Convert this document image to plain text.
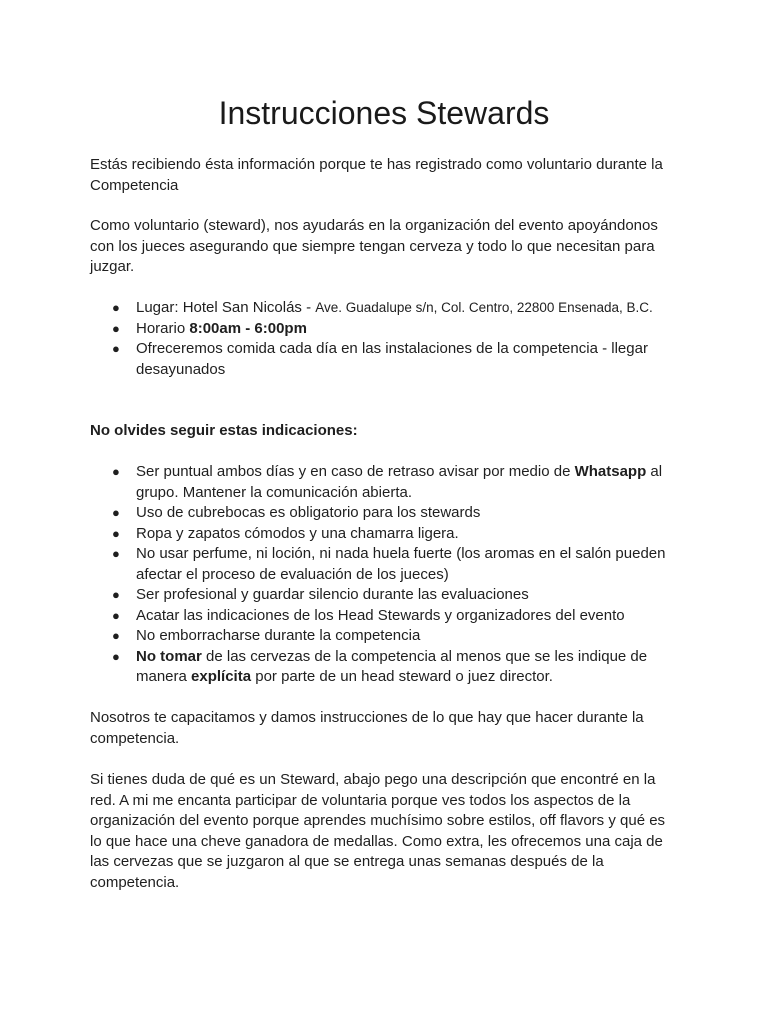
Instrucciones Stewards

Estás recibiendo ésta información porque te has registrado como voluntario durante la Competencia

Como voluntario (steward), nos ayudarás en la organización del evento apoyándonos con los jueces asegurando que siempre tengan cerveza y todo lo que necesitan para juzgar.

● Lugar: Hotel San Nicolás - Ave. Guadalupe s/n, Col. Centro, 22800 Ensenada, B.C.
● Horario 8:00am - 6:00pm
● Ofreceremos comida cada día en las instalaciones de la competencia - llegar desayunados

No olvides seguir estas indicaciones:

● Ser puntual ambos días y en caso de retraso avisar por medio de Whatsapp al grupo. Mantener la comunicación abierta.
● Uso de cubrebocas es obligatorio para los stewards
● Ropa y zapatos cómodos y una chamarra ligera.
● No usar perfume, ni loción, ni nada huela fuerte (los aromas en el salón pueden afectar el proceso de evaluación de los jueces)
● Ser profesional y guardar silencio durante las evaluaciones
● Acatar las indicaciones de los Head Stewards y organizadores del evento
● No emborracharse durante la competencia
● No tomar de las cervezas de la competencia al menos que se les indique de manera explícita por parte de un head steward o juez director.

Nosotros te capacitamos y damos instrucciones de lo que hay que hacer durante la competencia.

Si tienes duda de qué es un Steward, abajo pego una descripción que encontré en la red. A mi me encanta participar de voluntaria porque ves todos los aspectos de la organización del evento porque aprendes muchísimo sobre estilos, off flavors y qué es lo que hace una cheve ganadora de medallas. Como extra, les ofrecemos una caja de las cervezas que se juzgaron al que se entrega unas semanas después de la competencia.
